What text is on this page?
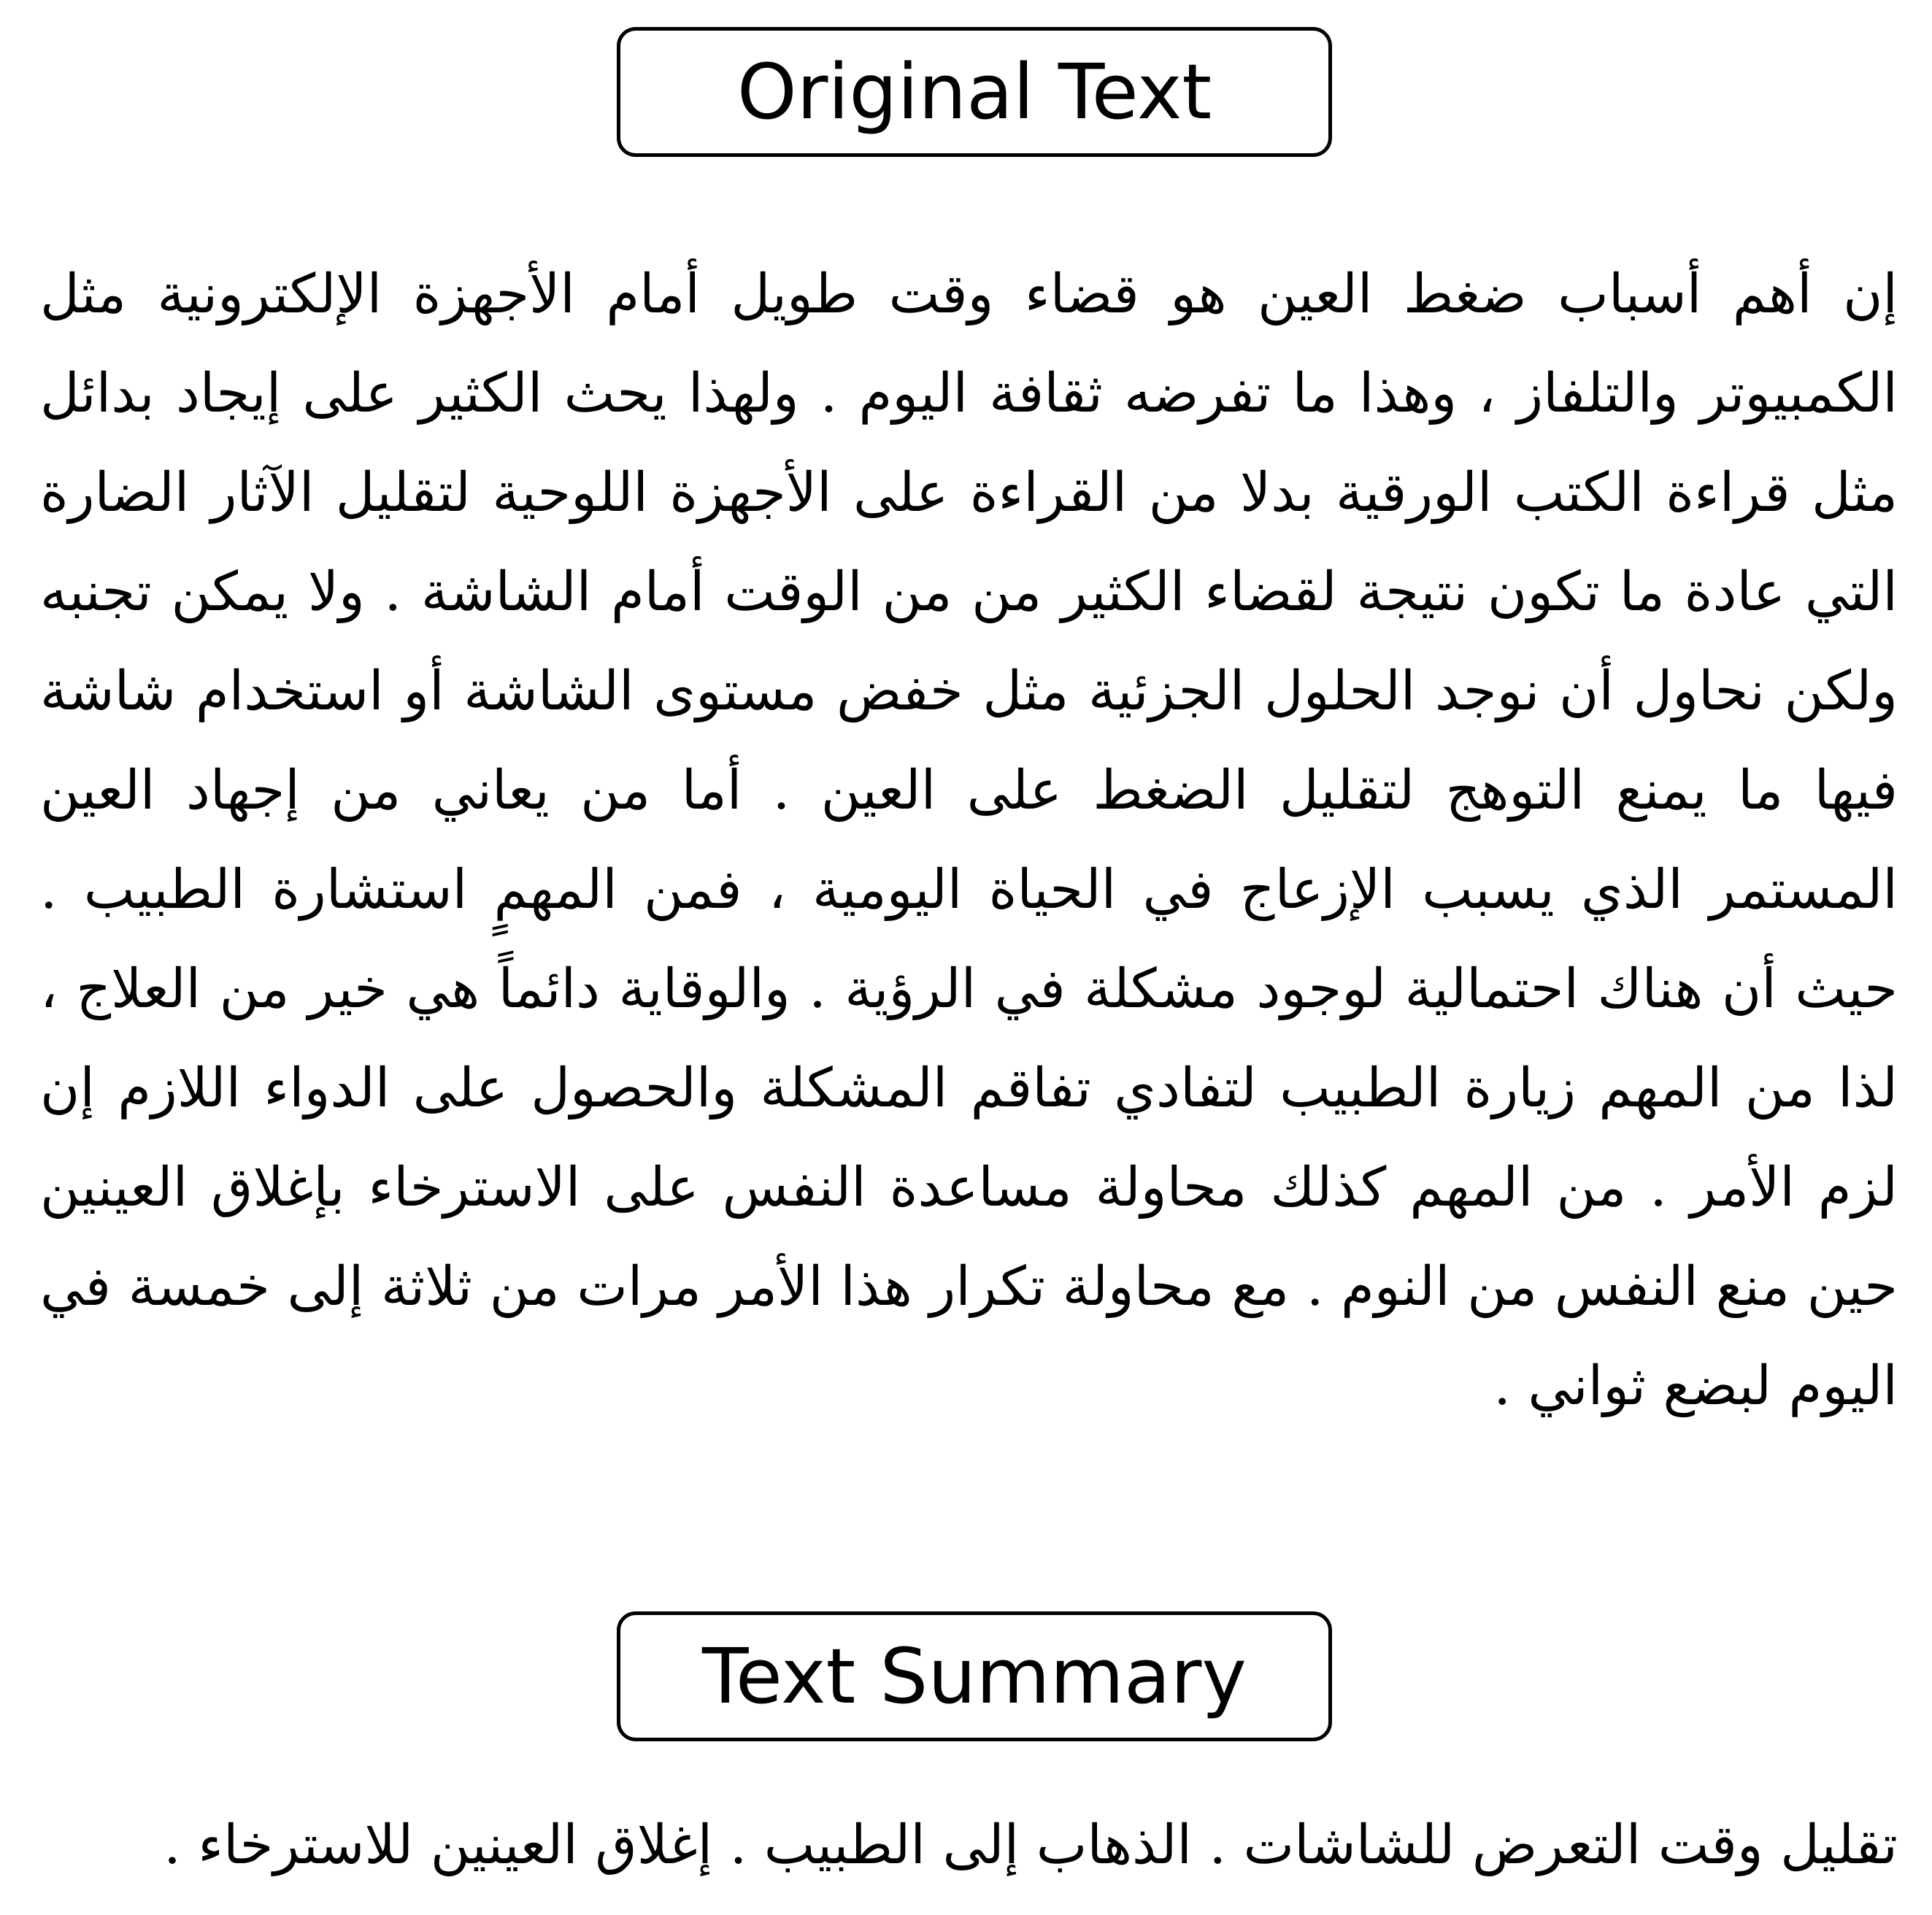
Original Text

إن أهم أسباب ضغط العين هو قضاء وقت طويل أمام الأجهزة الإلكترونية مثل الكمبيوتر والتلفاز ، وهذا ما تفرضه ثقافة اليوم . ولهذا يحث الكثير على إيجاد بدائل مثل قراءة الكتب الورقية بدلا من القراءة على الأجهزة اللوحية لتقليل الآثار الضارة التي عادة ما تكون نتيجة لقضاء الكثير من من الوقت أمام الشاشة . ولا يمكن تجنبه ولكن نحاول أن نوجد الحلول الجزئية مثل خفض مستوى الشاشة أو استخدام شاشة فيها ما يمنع التوهج لتقليل الضغط على العين . أما من يعاني من إجهاد العين المستمر الذي يسبب الإزعاج في الحياة اليومية ، فمن المهمٍ استشارة الطبيب . حيث أن هناك احتمالية لوجود مشكلة في الرؤية . والوقاية دائماً هي خير من العلاج ، لذا من المهم زيارة الطبيب لتفادي تفاقم المشكلة والحصول على الدواء اللازم إن لزم الأمر . من المهم كذلك محاولة مساعدة النفس على الاسترخاء بإغلاق العينين حين منع النفس من النوم . مع محاولة تكرار هذا الأمر مرات من ثلاثة إلى خمسة في اليوم لبضع ثواني .

Text Summary

تقليل وقت التعرض للشاشات . الذهاب إلى الطبيب . إغلاق العينين للاسترخاء .
